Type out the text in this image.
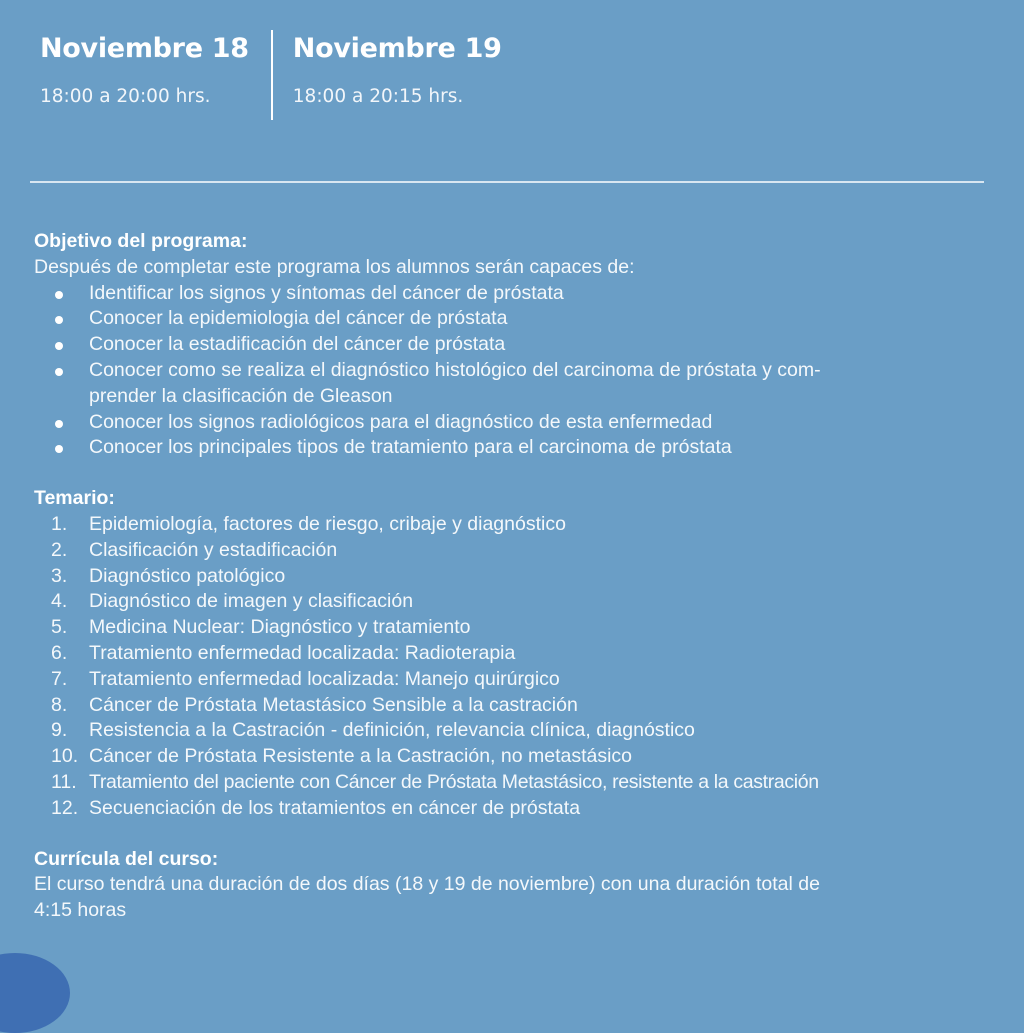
Noviembre 18
18:00 a 20:00 hrs.
Noviembre 19
18:00 a 20:15 hrs.
Objetivo del programa:
Después de completar este programa los alumnos serán capaces de:
Identificar los signos y síntomas del cáncer de próstata
Conocer la epidemiologia del cáncer de próstata
Conocer la estadificación del cáncer de próstata
Conocer como se realiza el diagnóstico histológico del carcinoma de próstata y com-
prender la clasificación de Gleason
Conocer los signos radiológicos para el diagnóstico de esta enfermedad
Conocer los principales tipos de tratamiento para el carcinoma de próstata
Temario:
1.	Epidemiología, factores de riesgo, cribaje y diagnóstico
2.	Clasificación y estadificación
3.	Diagnóstico patológico
4.	Diagnóstico de imagen y clasificación
5.	Medicina Nuclear: Diagnóstico y tratamiento
6.	Tratamiento enfermedad localizada: Radioterapia
7.	Tratamiento enfermedad localizada: Manejo quirúrgico
8.	Cáncer de Próstata Metastásico Sensible a la castración
9.	Resistencia a la Castración - definición, relevancia clínica, diagnóstico
10. Cáncer de Próstata Resistente a la Castración, no metastásico
11. Tratamiento del paciente con Cáncer de Próstata Metastásico, resistente a la castración
12. Secuenciación de los tratamientos en cáncer de próstata
Currícula del curso:
El curso tendrá una duración de dos días (18 y 19 de noviembre) con una duración total de
4:15 horas
